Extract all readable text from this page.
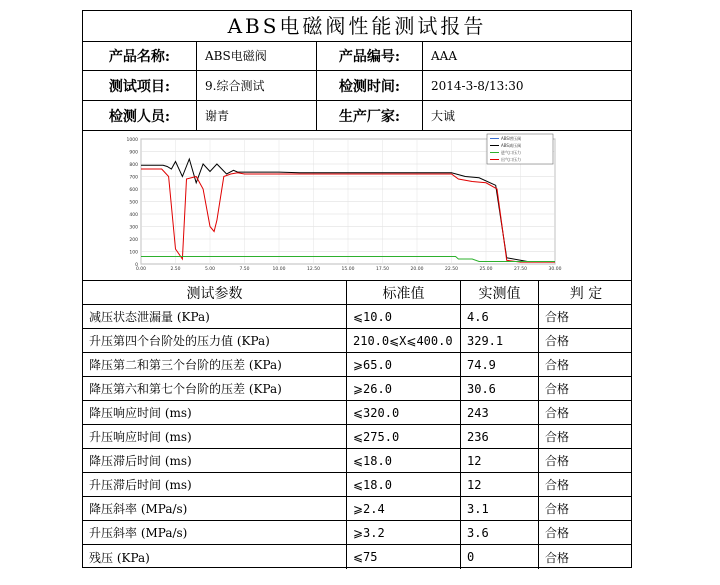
ABS电磁阀性能测试报告
产品名称:	ABS电磁阀	产品编号:	AAA
测试项目:	9.综合测试	检测时间:	2014-3-8/13:30
检测人员:	谢青	生产厂家:	大诚
0
100
200
300
400
500
600
700
800
900
1000
0.00	2.50	5.00	7.50	10.00	12.50	15.00	17.50	20.00	22.50	25.00	27.50	30.00
ABS增压阀
ABS减压阀
进气口压力
出气口压力
测试参数	标准值	实测值	判 定
减压状态泄漏量 (KPa)	⩽10.0	4.6	合格
升压第四个台阶处的压力值 (KPa)	210.0⩽X⩽400.0	329.1	合格
降压第二和第三个台阶的压差 (KPa)	⩾65.0	74.9	合格
降压第六和第七个台阶的压差 (KPa)	⩾26.0	30.6	合格
降压响应时间 (ms)	⩽320.0	243	合格
升压响应时间 (ms)	⩽275.0	236	合格
降压滞后时间 (ms)	⩽18.0	12	合格
升压滞后时间 (ms)	⩽18.0	12	合格
降压斜率 (MPa/s)	⩾2.4	3.1	合格
升压斜率 (MPa/s)	⩾3.2	3.6	合格
残压 (KPa)	⩽75	0	合格
